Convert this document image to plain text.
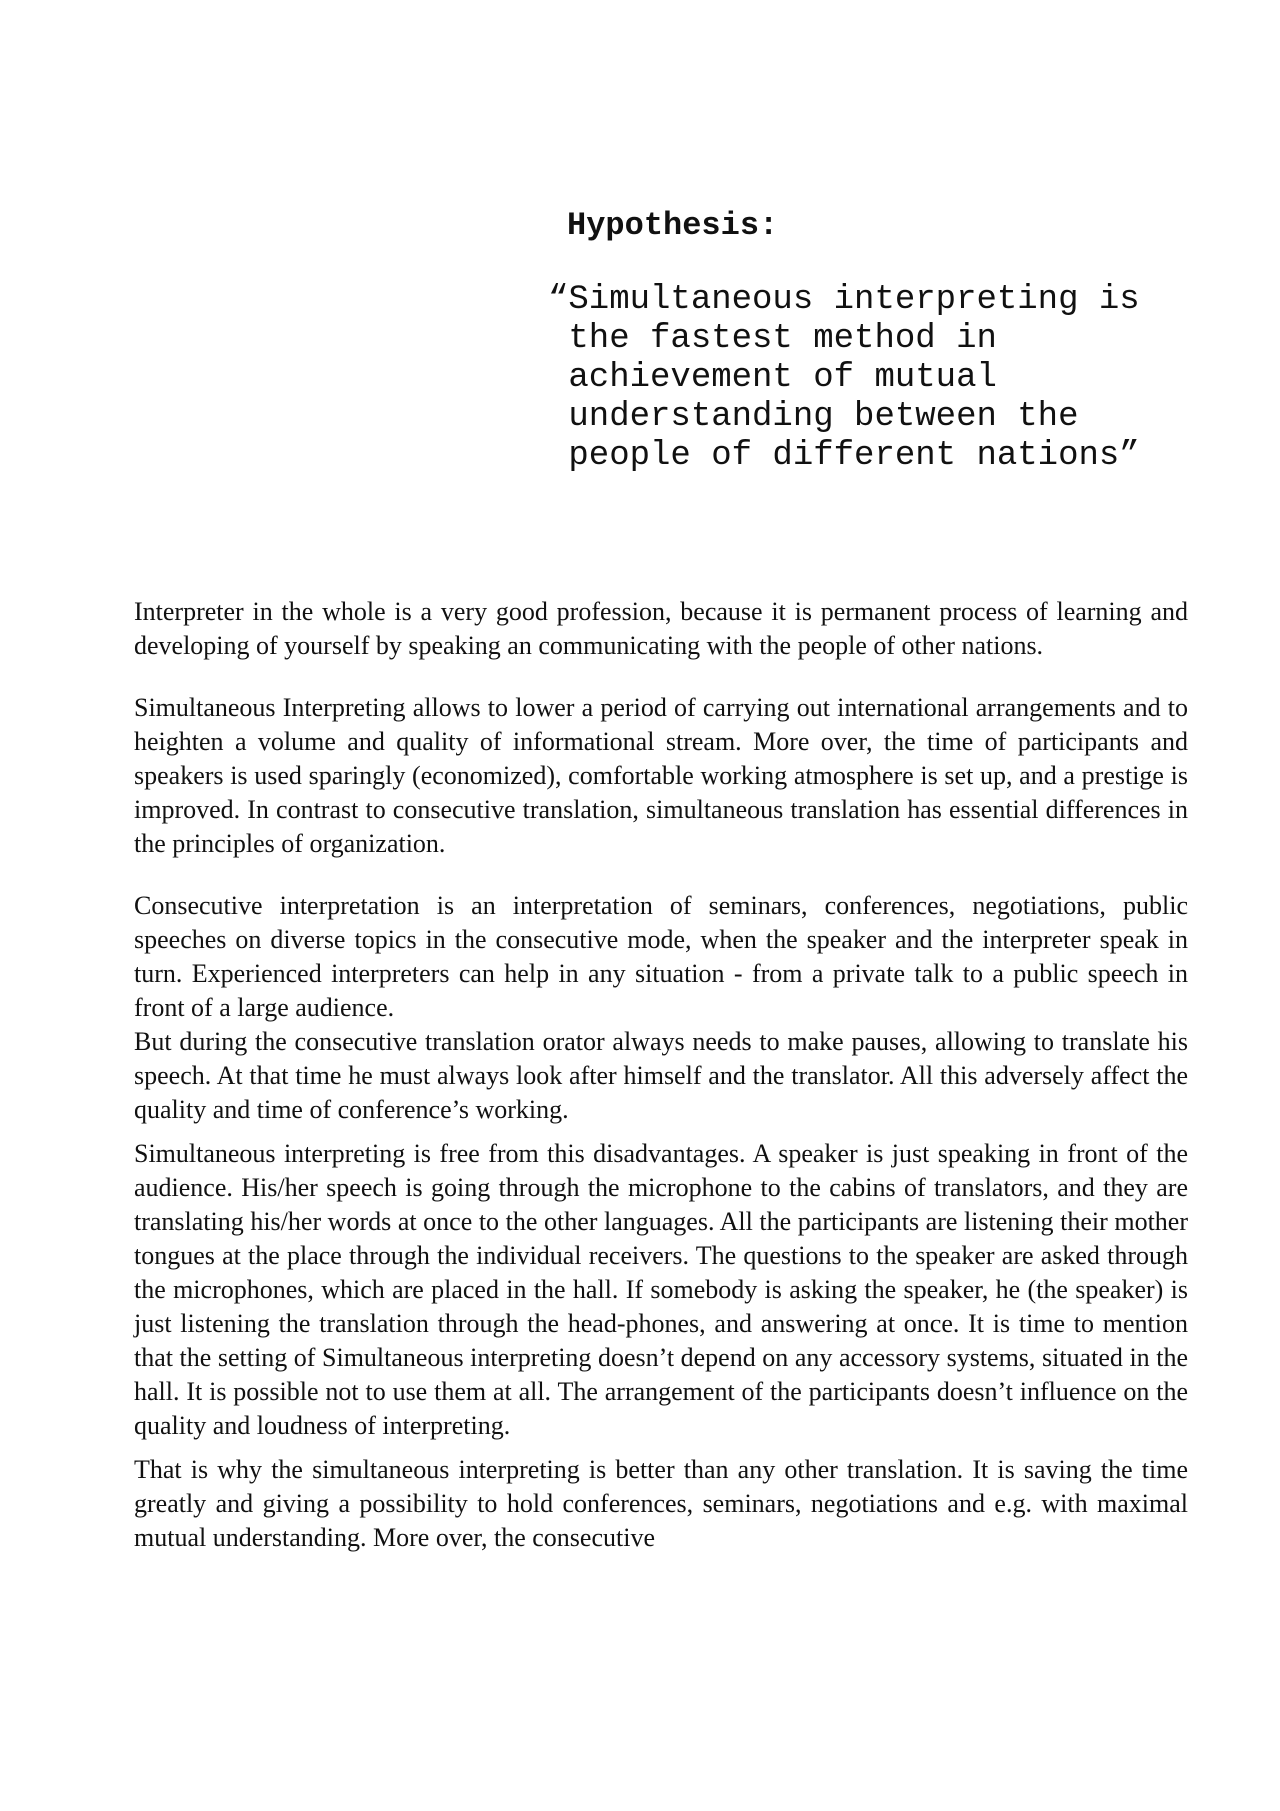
Hypothesis:

“Simultaneous interpreting is
the fastest method in
achievement of mutual
understanding between the
people of different nations”

Interpreter in the whole is a very good profession, because it is permanent process of learning and developing of yourself by speaking an communicating with the people of other nations.

Simultaneous Interpreting allows to lower a period of carrying out international arrangements and to heighten a volume and quality of informational stream. More over, the time of participants and speakers is used sparingly (economized), comfortable working atmosphere is set up, and a prestige is improved. In contrast to consecutive translation, simultaneous translation has essential differences in the principles of organization.

Consecutive interpretation is an interpretation of seminars, conferences, negotiations, public speeches on diverse topics in the consecutive mode, when the speaker and the interpreter speak in turn. Experienced interpreters can help in any situation - from a private talk to a public speech in front of a large audience.

But during the consecutive translation orator always needs to make pauses, allowing to translate his speech. At that time he must always look after himself and the translator. All this adversely affect the quality and time of conference’s working.

Simultaneous interpreting is free from this disadvantages. A speaker is just speaking in front of the audience. His/her speech is going through the microphone to the cabins of translators, and they are translating his/her words at once to the other languages. All the participants are listening their mother tongues at the place through the individual receivers. The questions to the speaker are asked through the microphones, which are placed in the hall. If somebody is asking the speaker, he (the speaker) is just listening the translation through the head-phones, and answering at once. It is time to mention that the setting of Simultaneous interpreting doesn’t depend on any accessory systems, situated in the hall. It is possible not to use them at all. The arrangement of the participants doesn’t influence on the quality and loudness of interpreting.

That is why the simultaneous interpreting is better than any other translation. It is saving the time greatly and giving a possibility to hold conferences, seminars, negotiations and e.g. with maximal mutual understanding. More over, the consecutive
